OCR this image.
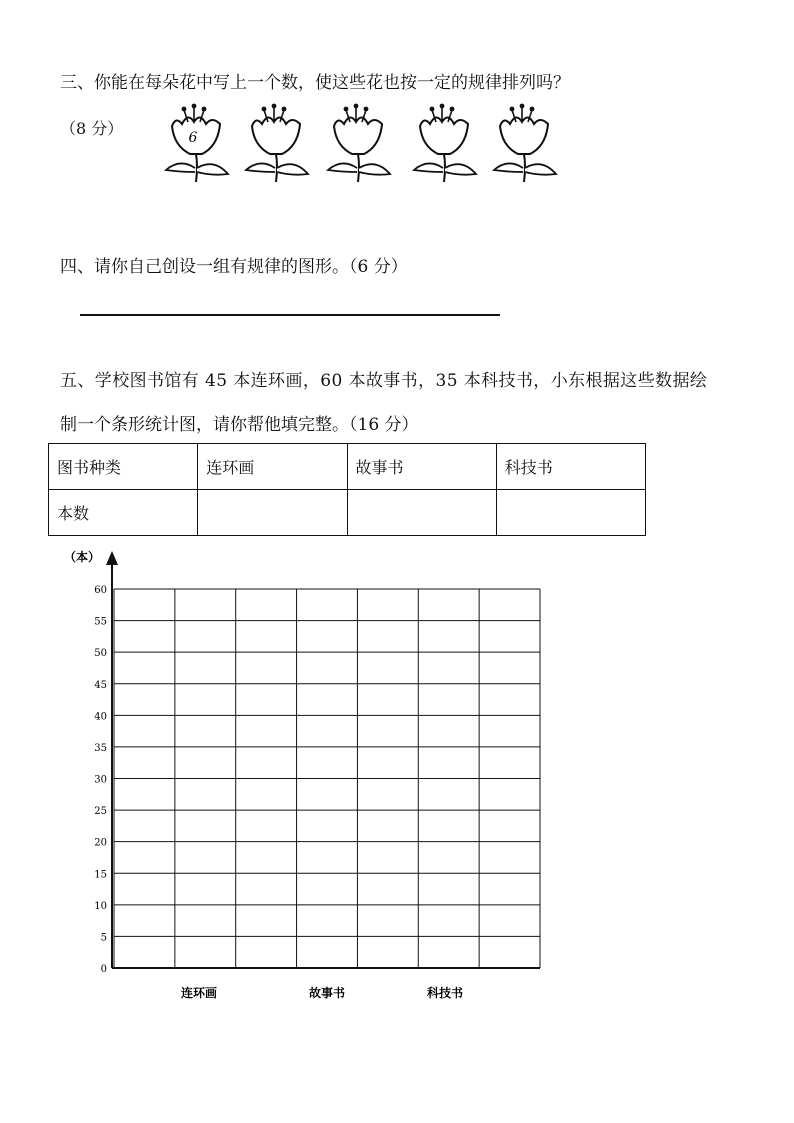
三、你能在每朵花中写上一个数，使这些花也按一定的规律排列吗？
（8 分）	6
四、请你自己创设一组有规律的图形。（6 分）
五、学校图书馆有 45 本连环画，60 本故事书，35 本科技书，小东根据这些数据绘
制一个条形统计图，请你帮他填完整。（16 分）
图书种类	连环画	故事书	科技书
本数			
（本）
0
5
10
15
20
25
30
35
40
45
50
55
60
连环画	故事书	科技书
